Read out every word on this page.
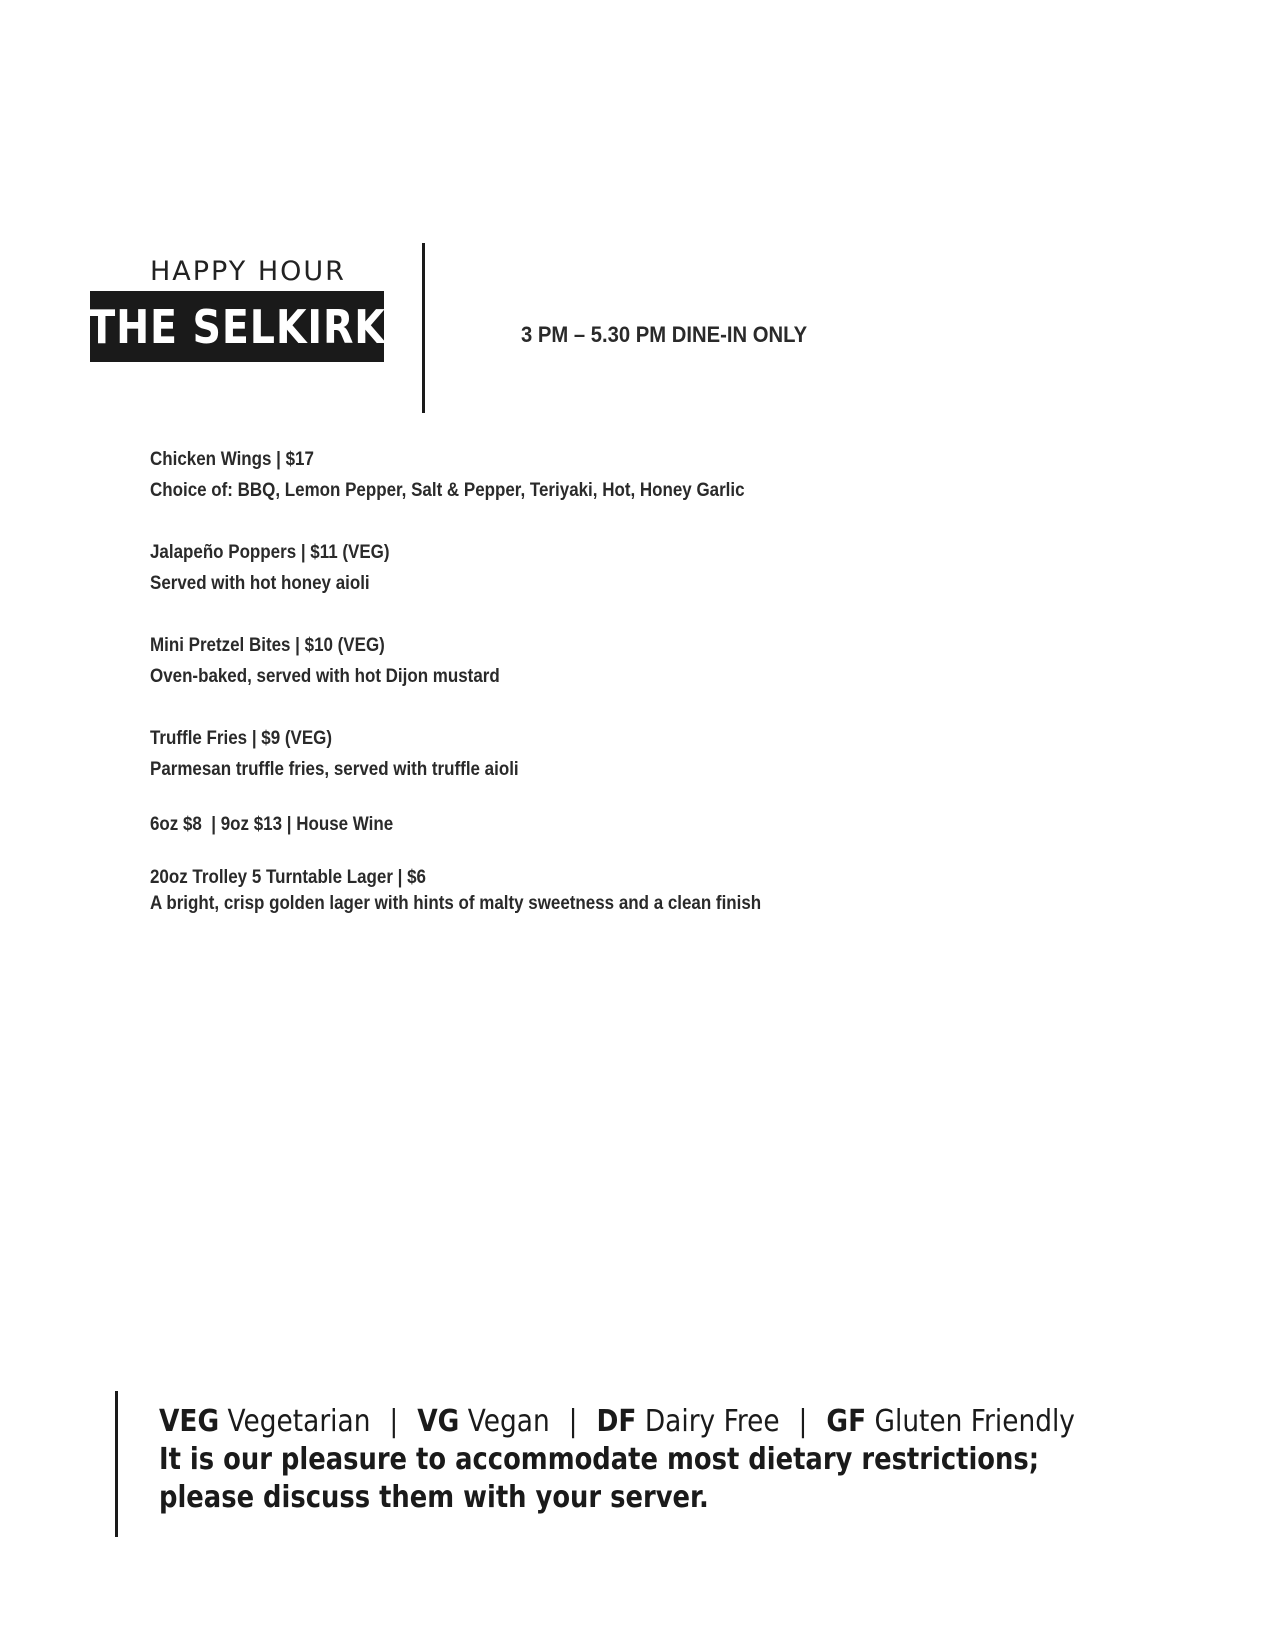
HAPPY HOUR
THE SELKIRK	3 PM – 5.30 PM DINE-IN ONLY
Chicken Wings | $17
Choice of: BBQ, Lemon Pepper, Salt & Pepper, Teriyaki, Hot, Honey Garlic
Jalapeño Poppers | $11 (VEG)
Served with hot honey aioli
Mini Pretzel Bites | $10 (VEG)
Oven-baked, served with hot Dijon mustard
Truffle Fries | $9 (VEG)
Parmesan truffle fries, served with truffle aioli
6oz $8  | 9oz $13 | House Wine
20oz Trolley 5 Turntable Lager | $6
A bright, crisp golden lager with hints of malty sweetness and a clean finish
VEG Vegetarian | VG Vegan | DF Dairy Free | GF Gluten Friendly
It is our pleasure to accommodate most dietary restrictions;
please discuss them with your server.
